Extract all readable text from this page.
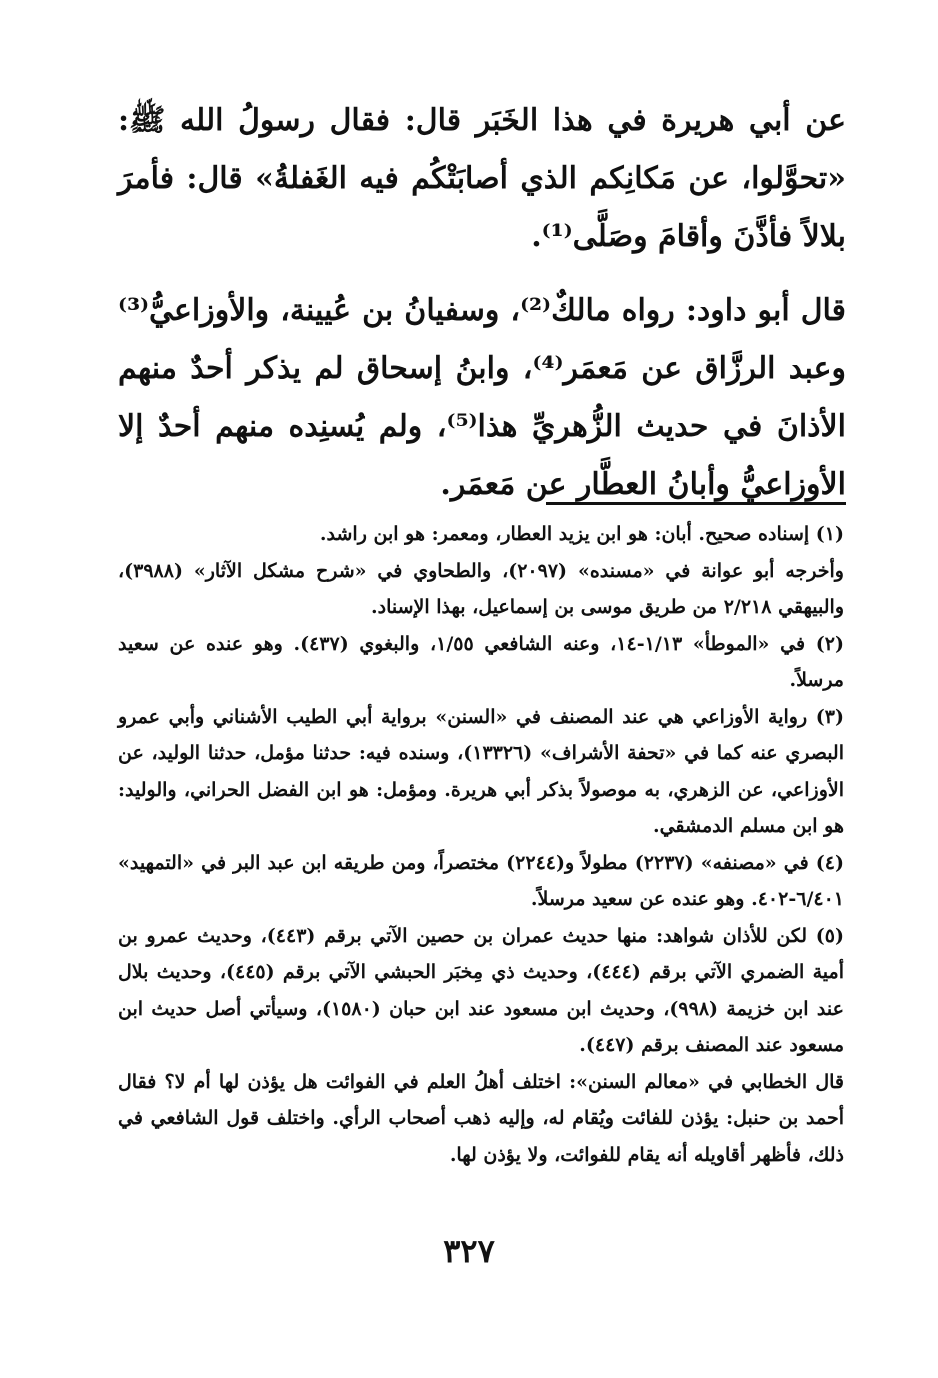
عن أبي هريرة في هذا الخَبَر قال: فقال رسولُ الله ﷺ: «تحوَّلوا، عن مَكانِكم الذي أصابَتْكُم فيه الغَفلةُ» قال: فأمرَ بلالاً فأذَّنَ وأقامَ وصَلَّى⁽¹⁾.

قال أبو داود: رواه مالكٌ⁽²⁾، وسفيانُ بن عُيينة، والأوزاعيُّ⁽³⁾ وعبد الرزَّاق عن مَعمَر⁽⁴⁾، وابنُ إسحاق لم يذكر أحدٌ منهم الأذانَ في حديث الزُّهريِّ هذا⁽⁵⁾، ولم يُسنِده منهم أحدٌ إلا الأوزاعيُّ وأبانُ العطَّار عن مَعمَر.

(١) إسناده صحيح. أبان: هو ابن يزيد العطار، ومعمر: هو ابن راشد.

وأخرجه أبو عوانة في «مسنده» (٢٠٩٧)، والطحاوي في «شرح مشكل الآثار» (٣٩٨٨)، والبيهقي ٢/٢١٨ من طريق موسى بن إسماعيل، بهذا الإسناد.

(٢) في «الموطأ» ١/١٣-١٤، وعنه الشافعي ١/٥٥، والبغوي (٤٣٧). وهو عنده عن سعيد مرسلاً.

(٣) رواية الأوزاعي هي عند المصنف في «السنن» برواية أبي الطيب الأشناني وأبي عمرو البصري عنه كما في «تحفة الأشراف» (١٣٣٢٦)، وسنده فيه: حدثنا مؤمل، حدثنا الوليد، عن الأوزاعي، عن الزهري، به موصولاً بذكر أبي هريرة. ومؤمل: هو ابن الفضل الحراني، والوليد: هو ابن مسلم الدمشقي.

(٤) في «مصنفه» (٢٢٣٧) مطولاً و(٢٢٤٤) مختصراً، ومن طريقه ابن عبد البر في «التمهيد» ٦/٤٠١-٤٠٢. وهو عنده عن سعيد مرسلاً.

(٥) لكن للأذان شواهد: منها حديث عمران بن حصين الآتي برقم (٤٤٣)، وحديث عمرو بن أمية الضمري الآتي برقم (٤٤٤)، وحديث ذي مِخبَر الحبشي الآتي برقم (٤٤٥)، وحديث بلال عند ابن خزيمة (٩٩٨)، وحديث ابن مسعود عند ابن حبان (١٥٨٠)، وسيأتي أصل حديث ابن مسعود عند المصنف برقم (٤٤٧).

قال الخطابي في «معالم السنن»: اختلف أهلُ العلم في الفوائت هل يؤذن لها أم لا؟ فقال أحمد بن حنبل: يؤذن للفائت ويُقام له، وإليه ذهب أصحاب الرأي. واختلف قول الشافعي في ذلك، فأظهر أقاويله أنه يقام للفوائت، ولا يؤذن لها.

٣٢٧
